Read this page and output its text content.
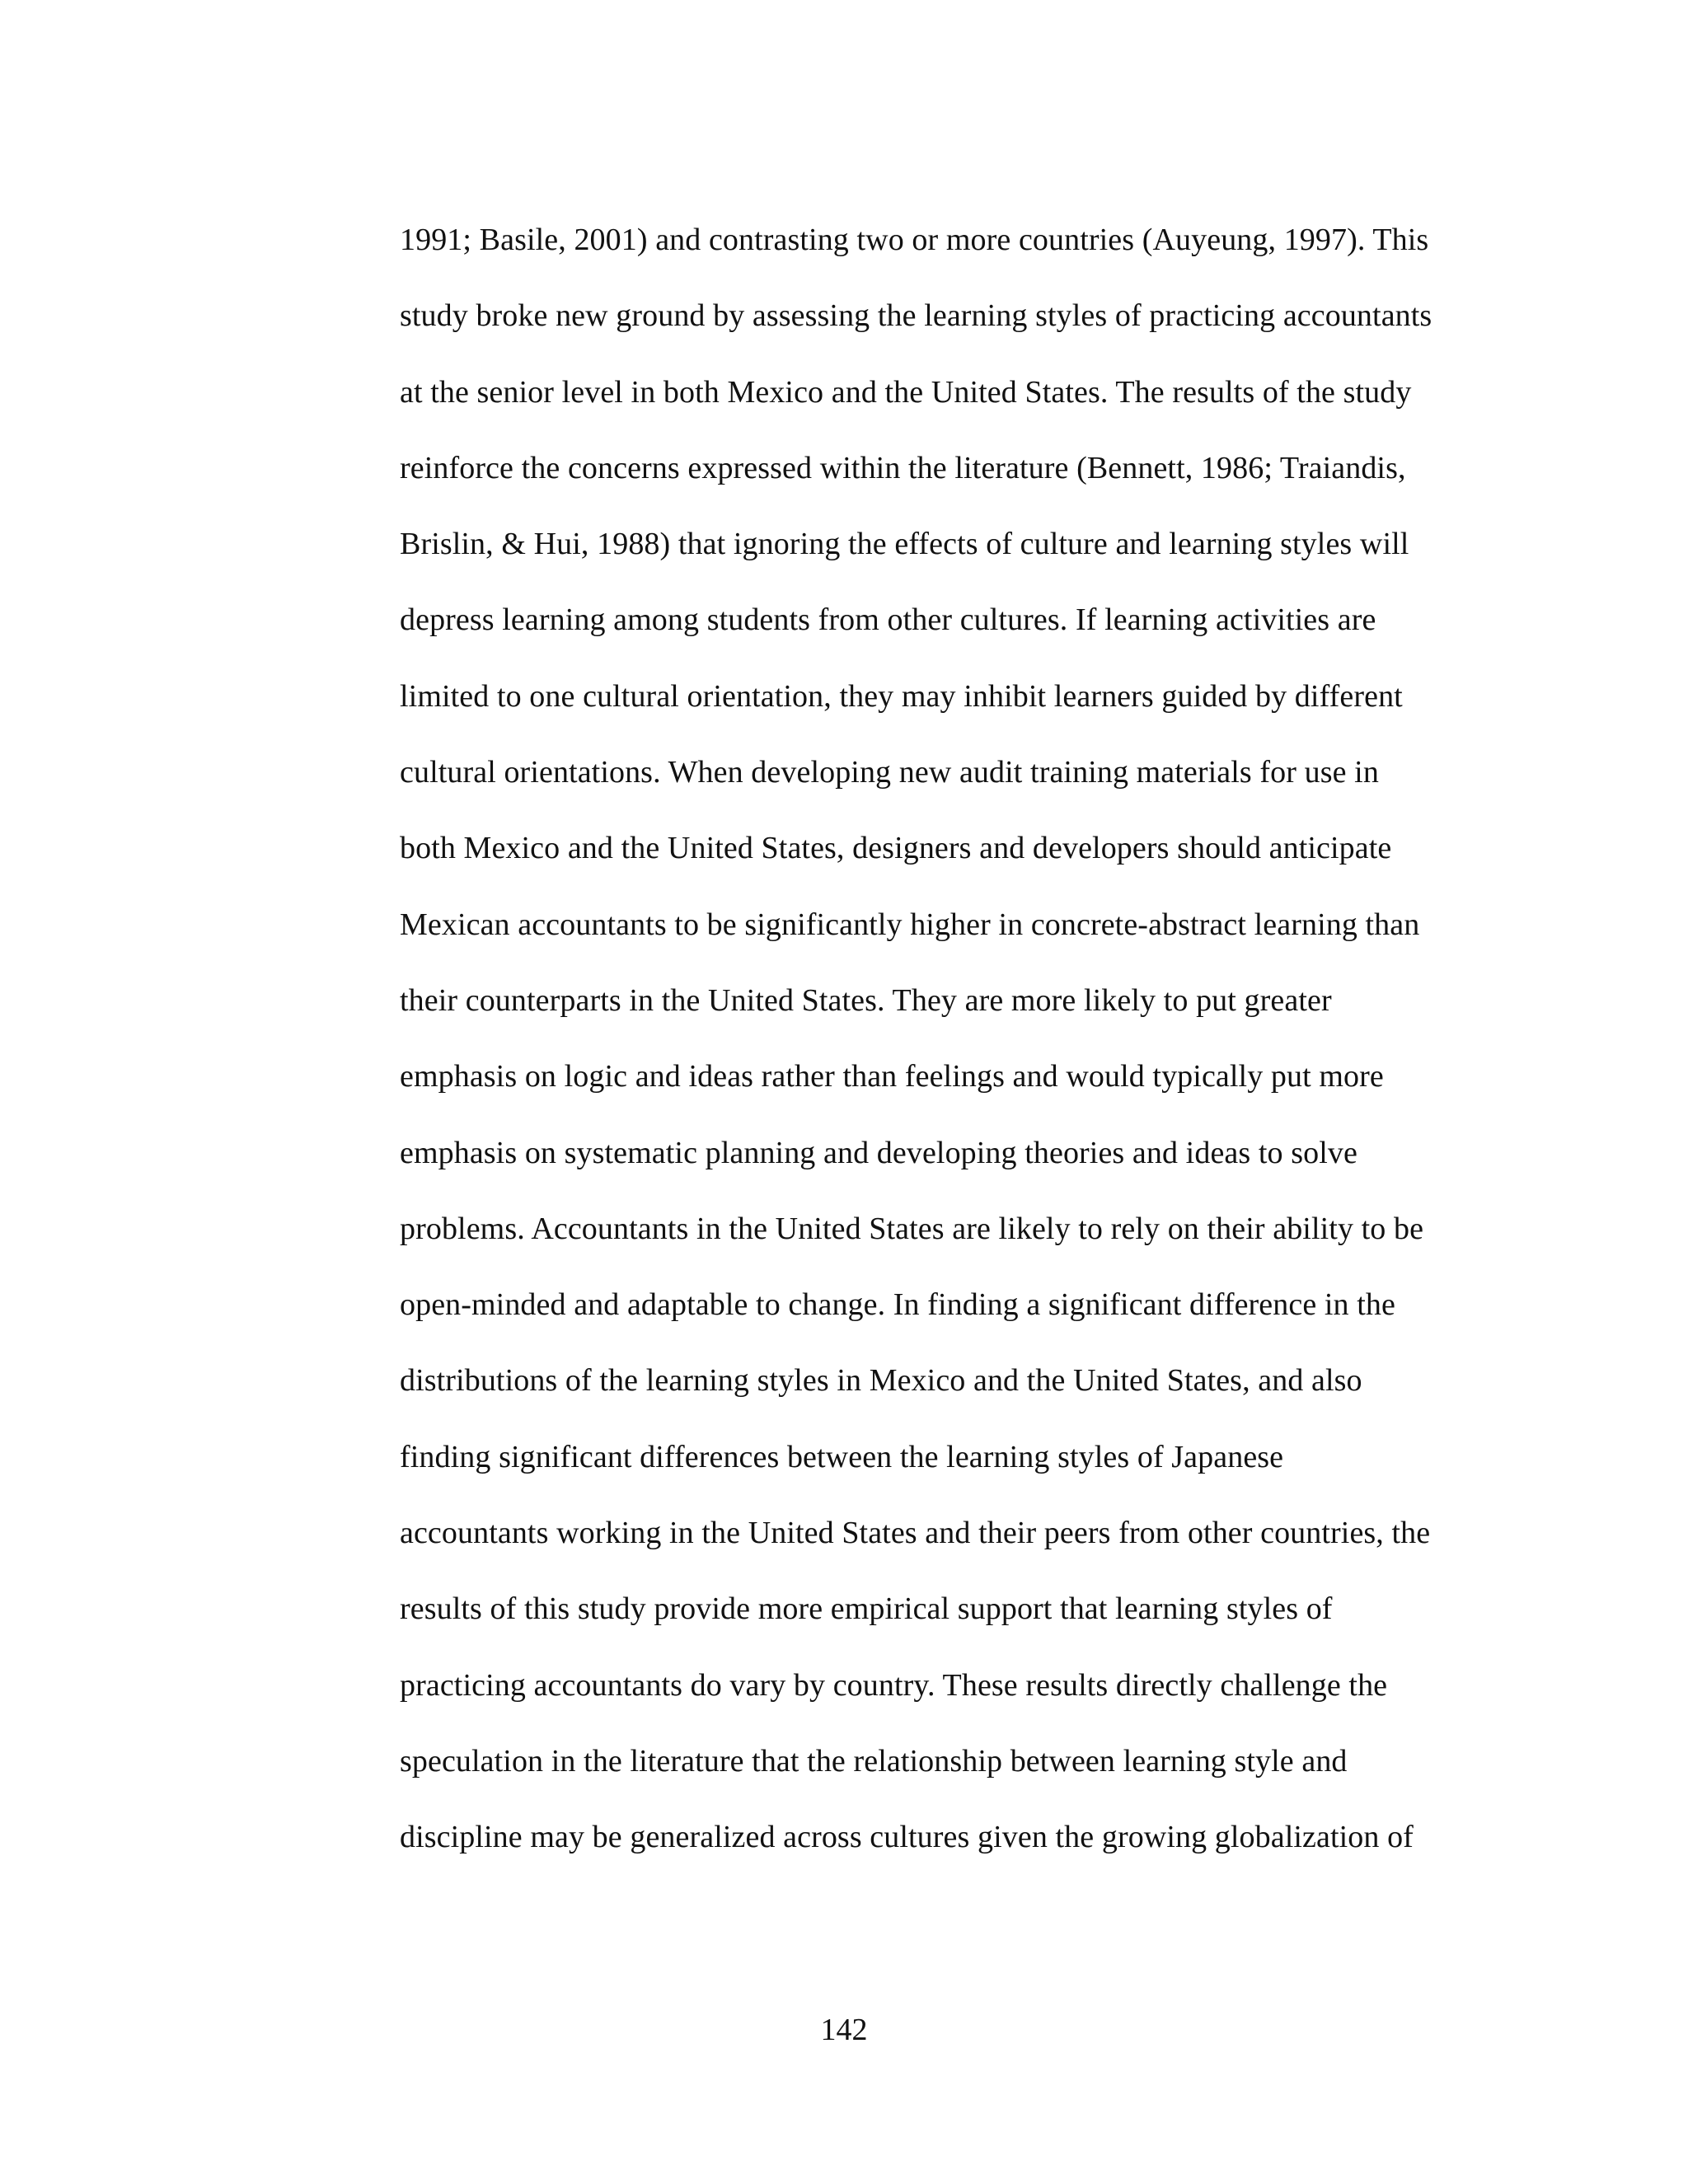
1991; Basile, 2001) and contrasting two or more countries (Auyeung, 1997). This
study broke new ground by assessing the learning styles of practicing accountants
at the senior level in both Mexico and the United States. The results of the study
reinforce the concerns expressed within the literature (Bennett, 1986; Traiandis,
Brislin, & Hui, 1988) that ignoring the effects of culture and learning styles will
depress learning among students from other cultures. If learning activities are
limited to one cultural orientation, they may inhibit learners guided by different
cultural orientations. When developing new audit training materials for use in
both Mexico and the United States, designers and developers should anticipate
Mexican accountants to be significantly higher in concrete-abstract learning than
their counterparts in the United States. They are more likely to put greater
emphasis on logic and ideas rather than feelings and would typically put more
emphasis on systematic planning and developing theories and ideas to solve
problems. Accountants in the United States are likely to rely on their ability to be
open-minded and adaptable to change. In finding a significant difference in the
distributions of the learning styles in Mexico and the United States, and also
finding significant differences between the learning styles of Japanese
accountants working in the United States and their peers from other countries, the
results of this study provide more empirical support that learning styles of
practicing accountants do vary by country. These results directly challenge the
speculation in the literature that the relationship between learning style and
discipline may be generalized across cultures given the growing globalization of
142
